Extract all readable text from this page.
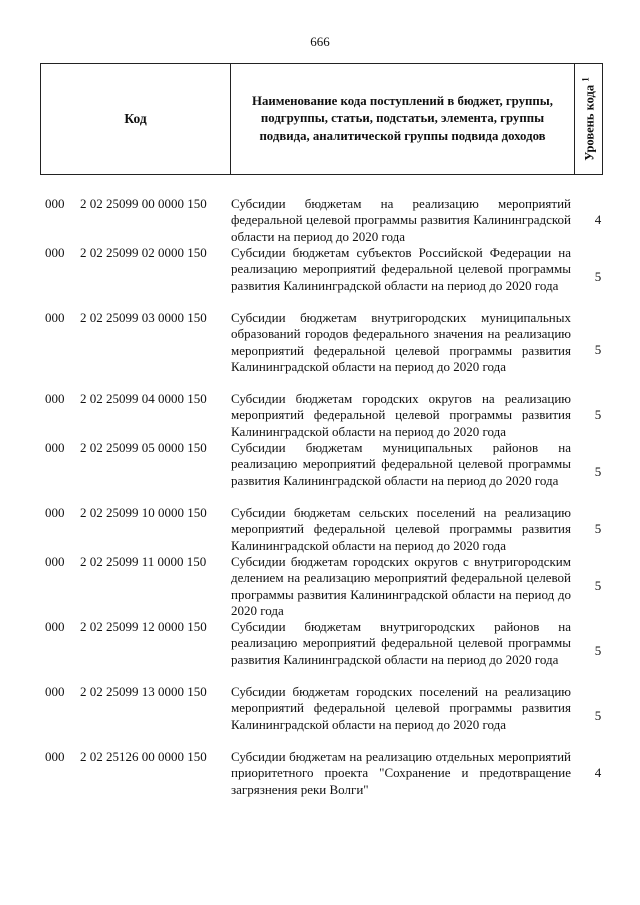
666
Код
Наименование кода поступлений в бюджет, группы, подгруппы, статьи, подстатьи, элемента, группы подвида, аналитической группы подвида доходов	Уровень кода $^1$
000 2 02 25099 00 0000 150 Субсидии бюджетам на реализацию мероприятий федеральной целевой программы развития Калининградской области на период до 2020 года
4
000 2 02 25099 02 0000 150 Субсидии бюджетам субъектов Российской Федерации на реализацию мероприятий федеральной целевой программы развития Калининградской области на период до 2020 года
5
000 2 02 25099 03 0000 150 Субсидии бюджетам внутригородских муниципальных образований городов федерального значения на реализацию мероприятий федеральной целевой программы развития Калининградской области на период до 2020 года
5
000 2 02 25099 04 0000 150 Субсидии бюджетам городских округов на реализацию мероприятий федеральной целевой программы развития Калининградской области на период до 2020 года
5
000 2 02 25099 05 0000 150 Субсидии бюджетам муниципальных районов на реализацию мероприятий федеральной целевой программы развития Калининградской области на период до 2020 года
5
000 2 02 25099 10 0000 150 Субсидии бюджетам сельских поселений на реализацию мероприятий федеральной целевой программы развития Калининградской области на период до 2020 года
5
000 2 02 25099 11 0000 150 Субсидии бюджетам городских округов с внутригородским делением на реализацию мероприятий федеральной целевой программы развития Калининградской области на период до 2020 года
5
000 2 02 25099 12 0000 150 Субсидии бюджетам внутригородских районов на реализацию мероприятий федеральной целевой программы развития Калининградской области на период до 2020 года
5
000 2 02 25099 13 0000 150 Субсидии бюджетам городских поселений на реализацию мероприятий федеральной целевой программы развития Калининградской области на период до 2020 года
5
000 2 02 25126 00 0000 150 Субсидии бюджетам на реализацию отдельных мероприятий приоритетного проекта "Сохранение и предотвращение загрязнения реки Волги"
4
